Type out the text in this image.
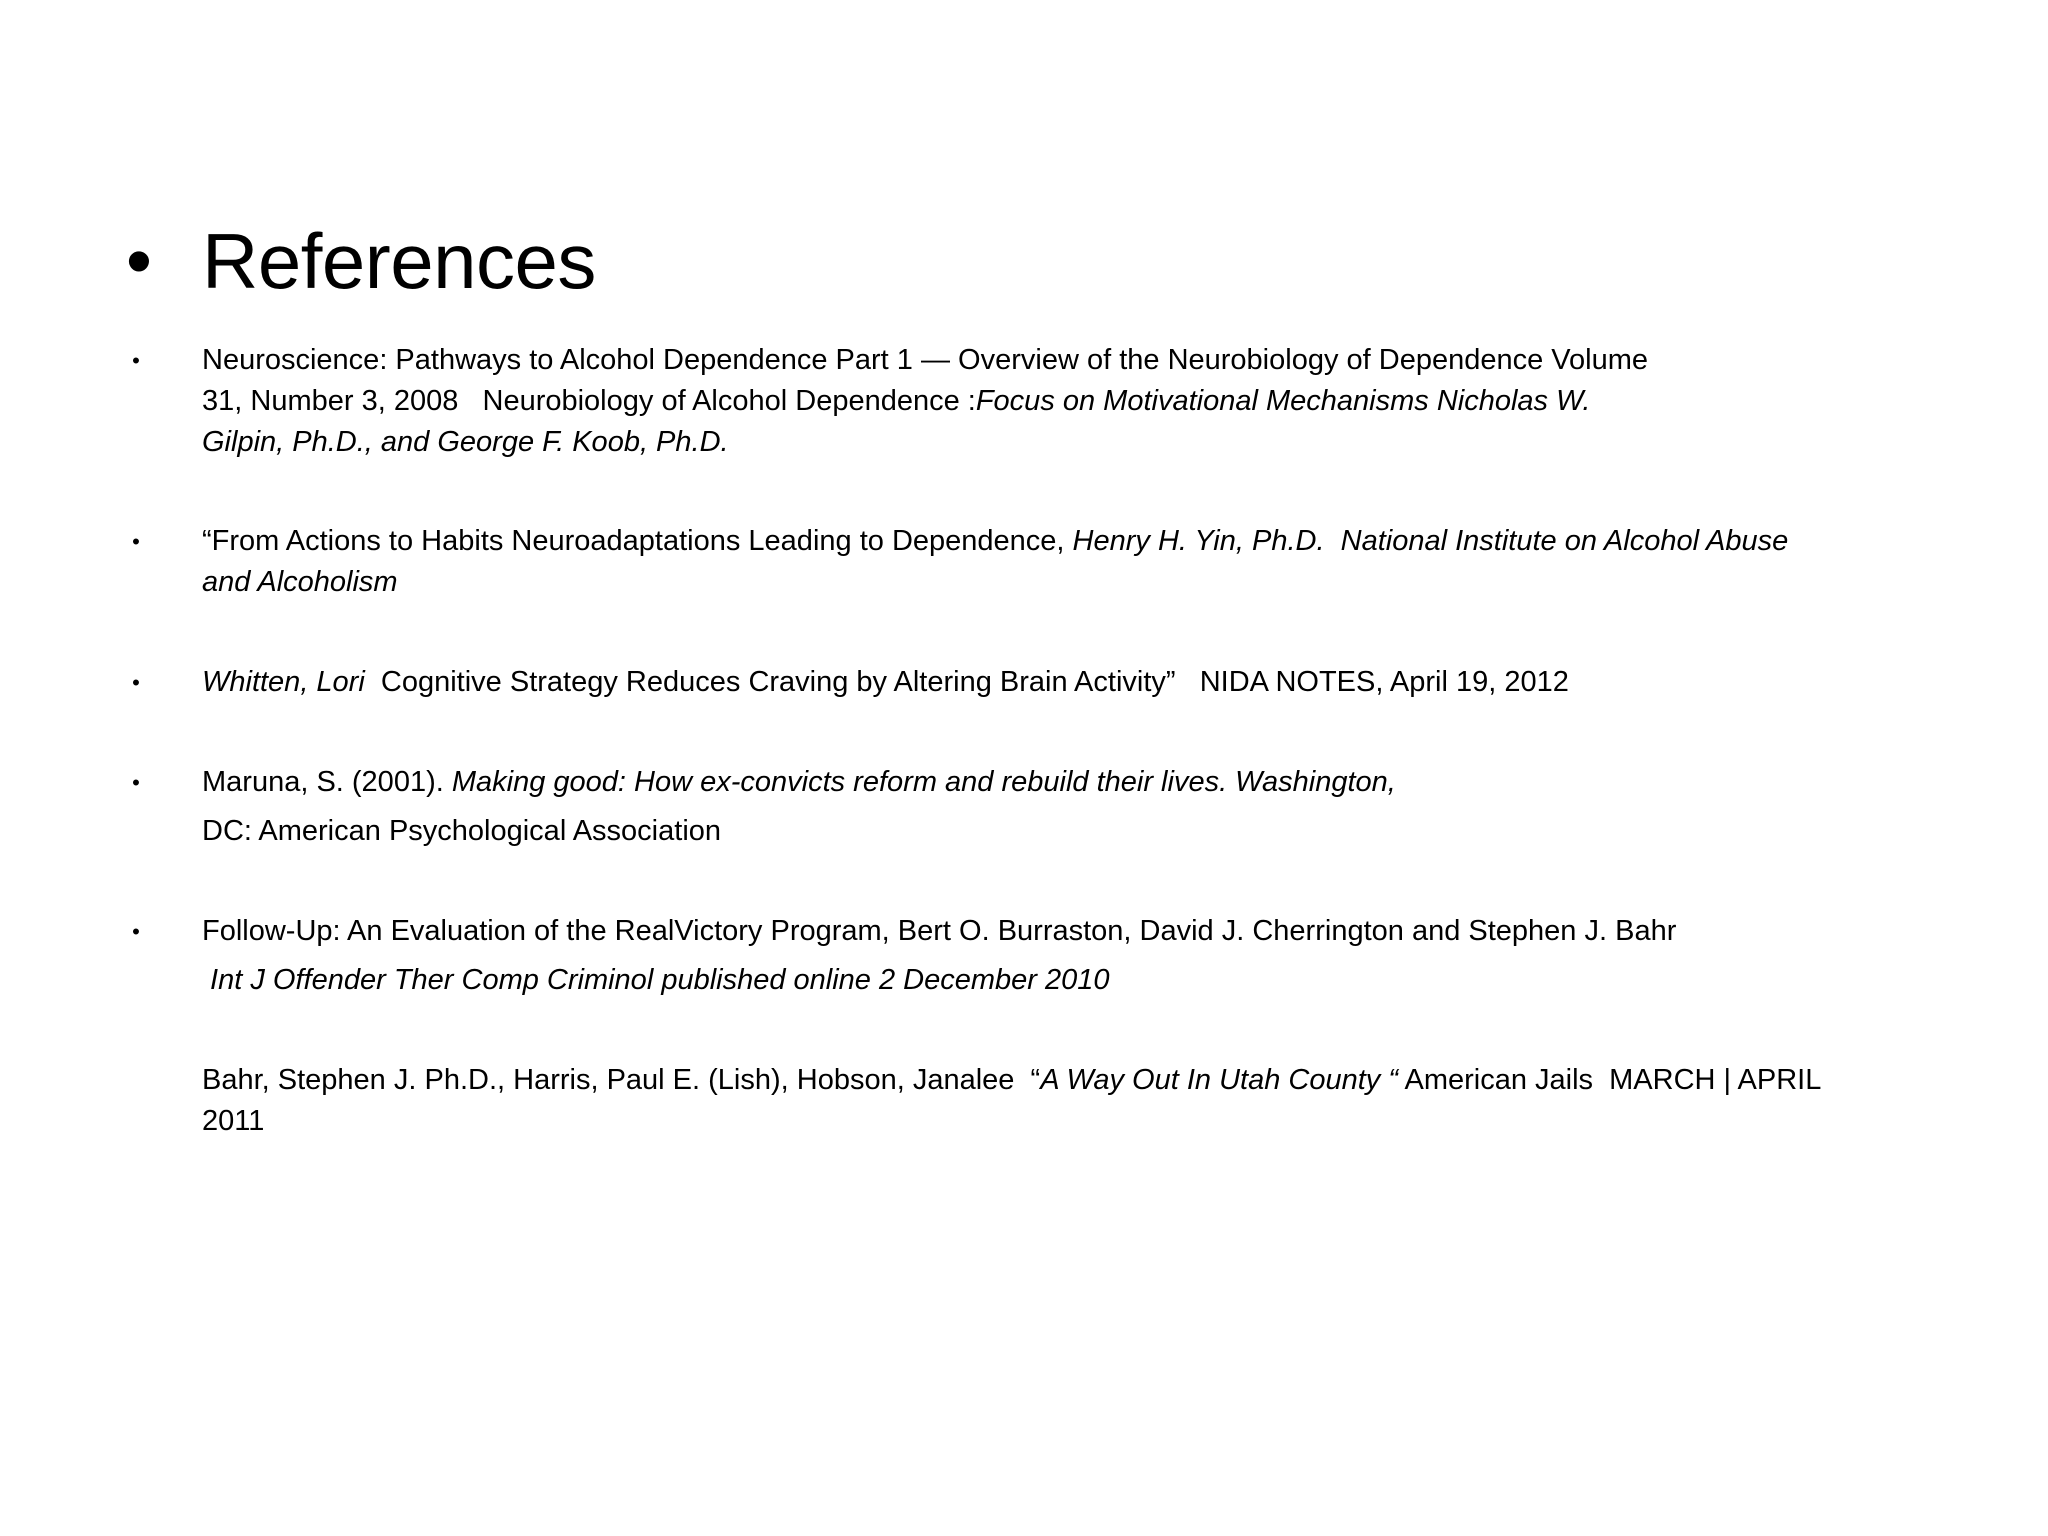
• References
• Neuroscience: Pathways to Alcohol Dependence Part 1 — Overview of the Neurobiology of Dependence Volume
31, Number 3, 2008   Neurobiology of Alcohol Dependence :Focus on Motivational Mechanisms Nicholas W.
Gilpin, Ph.D., and George F. Koob, Ph.D.
• “From Actions to Habits Neuroadaptations Leading to Dependence, Henry H. Yin, Ph.D.  National Institute on Alcohol Abuse
and Alcoholism
• Whitten, Lori  Cognitive Strategy Reduces Craving by Altering Brain Activity”   NIDA NOTES, April 19, 2012
• Maruna, S. (2001). Making good: How ex-convicts reform and rebuild their lives. Washington,
DC: American Psychological Association
• Follow-Up: An Evaluation of the RealVictory Program, Bert O. Burraston, David J. Cherrington and Stephen J. Bahr
Int J Offender Ther Comp Criminol published online 2 December 2010
Bahr, Stephen J. Ph.D., Harris, Paul E. (Lish), Hobson, Janalee  “A Way Out In Utah County “ American Jails  MARCH | APRIL
2011
